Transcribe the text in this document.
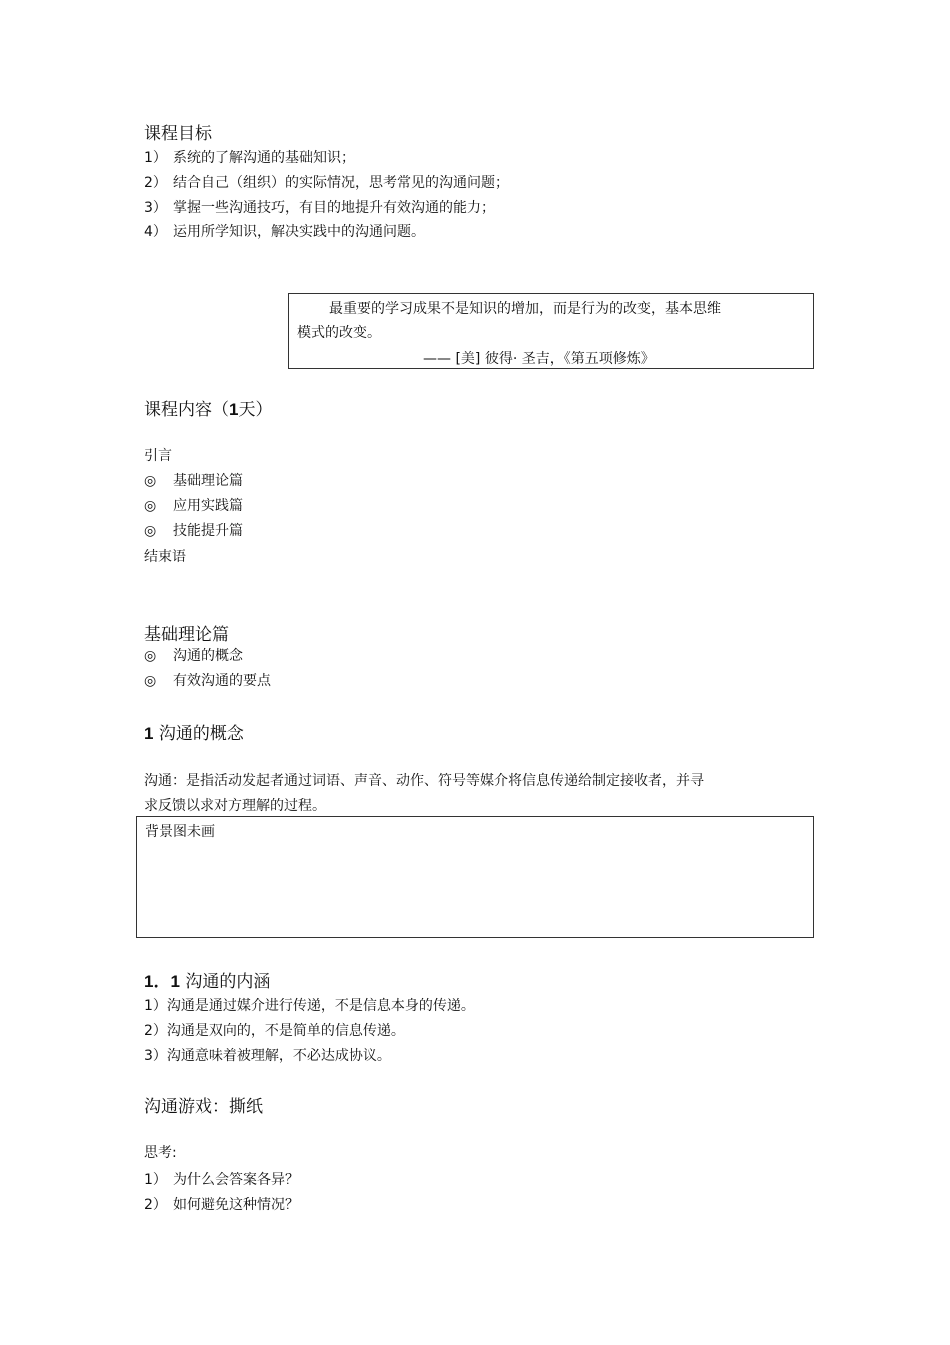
课程目标
1） 系统的了解沟通的基础知识；
2） 结合自己（组织）的实际情况，思考常见的沟通问题；
3） 掌握一些沟通技巧，有目的地提升有效沟通的能力；
4） 运用所学知识，解决实践中的沟通问题。
最重要的学习成果不是知识的增加，而是行为的改变，基本思维
模式的改变。
—— [美] 彼得· 圣吉，《第五项修炼》
课程内容（1天）
引言
◎ 基础理论篇
◎ 应用实践篇
◎ 技能提升篇
结束语
基础理论篇
◎ 沟通的概念
◎ 有效沟通的要点
1 沟通的概念
沟通：是指活动发起者通过词语、声音、动作、符号等媒介将信息传递给制定接收者，并寻
求反馈以求对方理解的过程。
背景图未画
1．1 沟通的内涵
1）沟通是通过媒介进行传递，不是信息本身的传递。
2）沟通是双向的，不是简单的信息传递。
3）沟通意味着被理解，不必达成协议。
沟通游戏：撕纸
思考:
1） 为什么会答案各异？
2） 如何避免这种情况？
